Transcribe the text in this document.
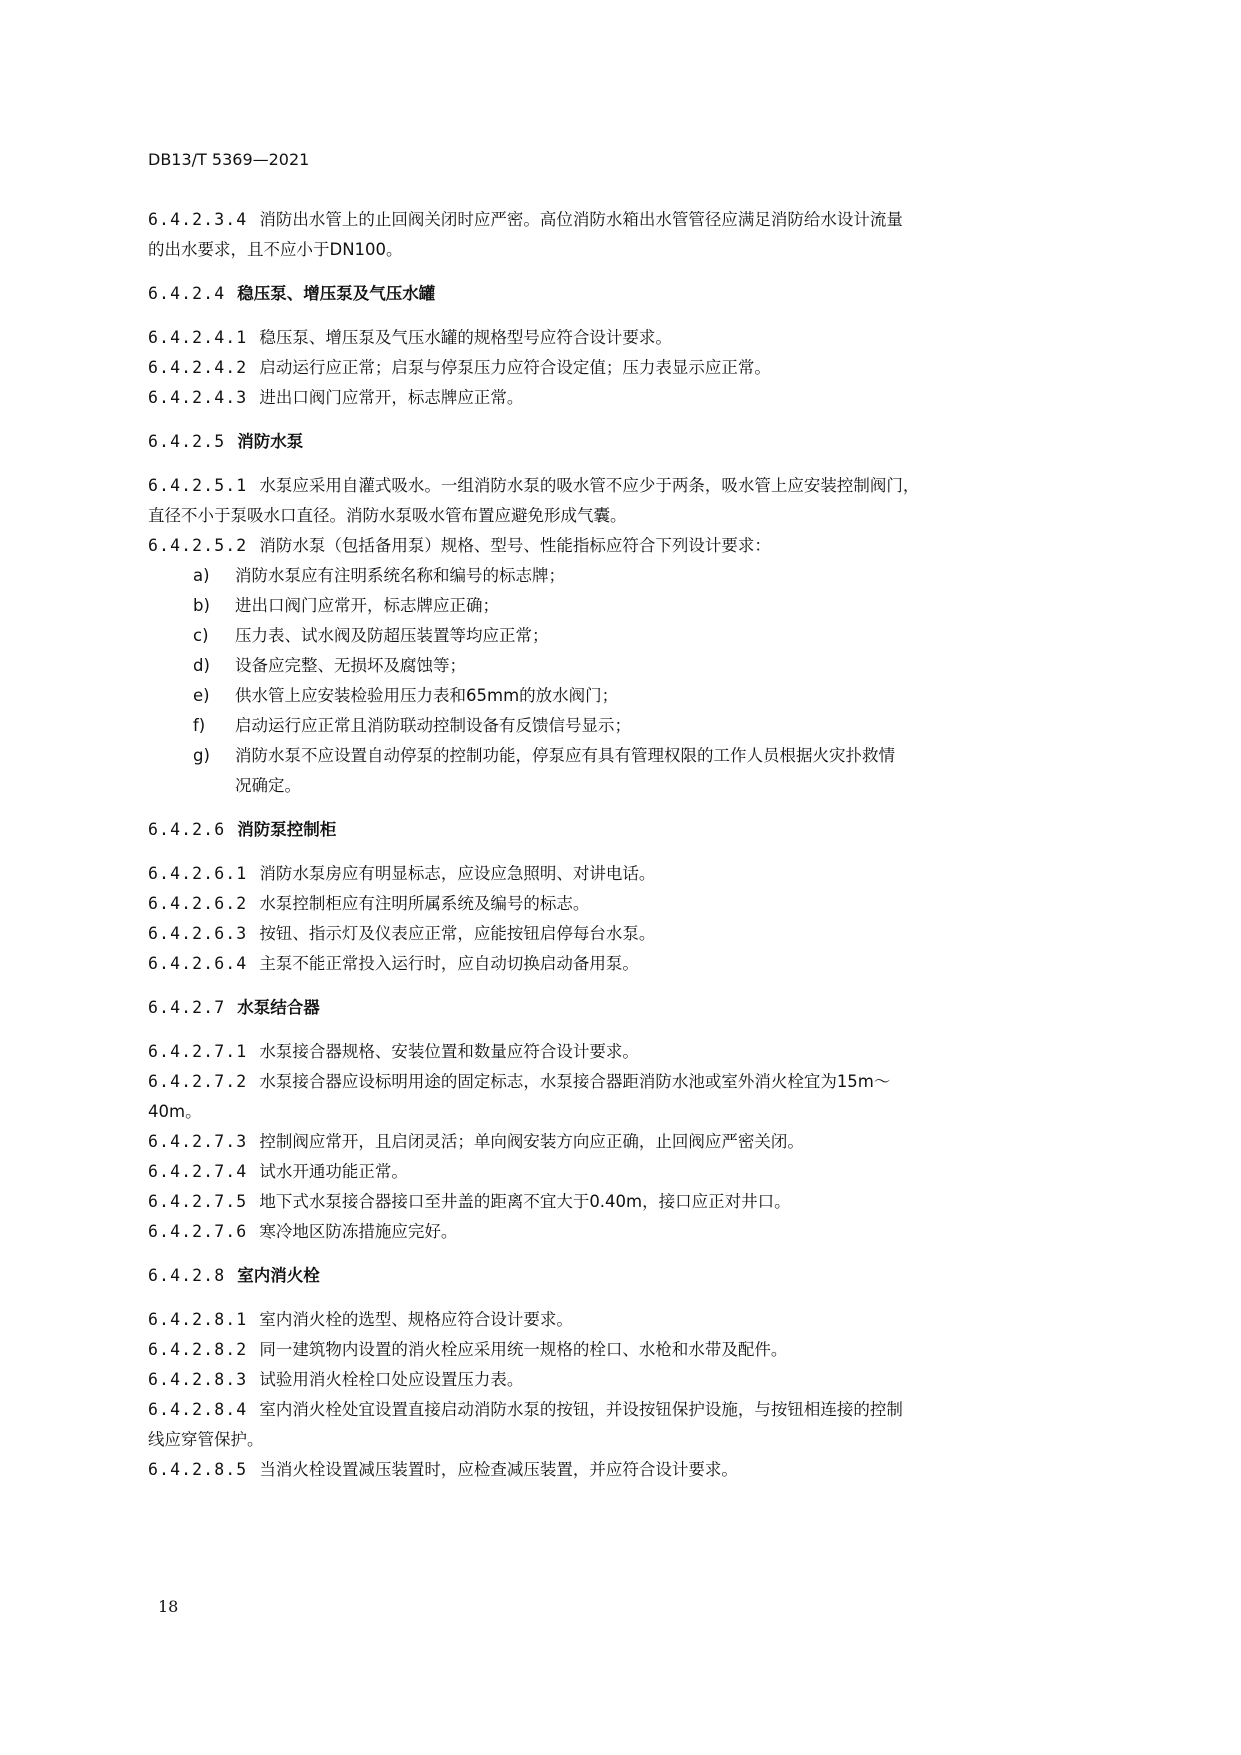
DB13/T 5369—2021
6.4.2.3.4 消防出水管上的止回阀关闭时应严密。高位消防水箱出水管管径应满足消防给水设计流量
的出水要求，且不应小于DN100。
6.4.2.4 稳压泵、增压泵及气压水罐
6.4.2.4.1 稳压泵、增压泵及气压水罐的规格型号应符合设计要求。
6.4.2.4.2 启动运行应正常；启泵与停泵压力应符合设定值；压力表显示应正常。
6.4.2.4.3 进出口阀门应常开，标志牌应正常。
6.4.2.5 消防水泵
6.4.2.5.1 水泵应采用自灌式吸水。一组消防水泵的吸水管不应少于两条，吸水管上应安装控制阀门，
直径不小于泵吸水口直径。消防水泵吸水管布置应避免形成气囊。
6.4.2.5.2 消防水泵（包括备用泵）规格、型号、性能指标应符合下列设计要求：
a) 消防水泵应有注明系统名称和编号的标志牌；
b) 进出口阀门应常开，标志牌应正确；
c) 压力表、试水阀及防超压装置等均应正常；
d) 设备应完整、无损坏及腐蚀等；
e) 供水管上应安装检验用压力表和65mm的放水阀门；
f) 启动运行应正常且消防联动控制设备有反馈信号显示；
g) 消防水泵不应设置自动停泵的控制功能，停泵应有具有管理权限的工作人员根据火灾扑救情
况确定。
6.4.2.6 消防泵控制柜
6.4.2.6.1 消防水泵房应有明显标志，应设应急照明、对讲电话。
6.4.2.6.2 水泵控制柜应有注明所属系统及编号的标志。
6.4.2.6.3 按钮、指示灯及仪表应正常，应能按钮启停每台水泵。
6.4.2.6.4 主泵不能正常投入运行时，应自动切换启动备用泵。
6.4.2.7 水泵结合器
6.4.2.7.1 水泵接合器规格、安装位置和数量应符合设计要求。
6.4.2.7.2 水泵接合器应设标明用途的固定标志，水泵接合器距消防水池或室外消火栓宜为15m～
40m。
6.4.2.7.3 控制阀应常开，且启闭灵活；单向阀安装方向应正确，止回阀应严密关闭。
6.4.2.7.4 试水开通功能正常。
6.4.2.7.5 地下式水泵接合器接口至井盖的距离不宜大于0.40m，接口应正对井口。
6.4.2.7.6 寒冷地区防冻措施应完好。
6.4.2.8 室内消火栓
6.4.2.8.1 室内消火栓的选型、规格应符合设计要求。
6.4.2.8.2 同一建筑物内设置的消火栓应采用统一规格的栓口、水枪和水带及配件。
6.4.2.8.3 试验用消火栓栓口处应设置压力表。
6.4.2.8.4 室内消火栓处宜设置直接启动消防水泵的按钮，并设按钮保护设施，与按钮相连接的控制
线应穿管保护。
6.4.2.8.5 当消火栓设置减压装置时，应检查减压装置，并应符合设计要求。
18
